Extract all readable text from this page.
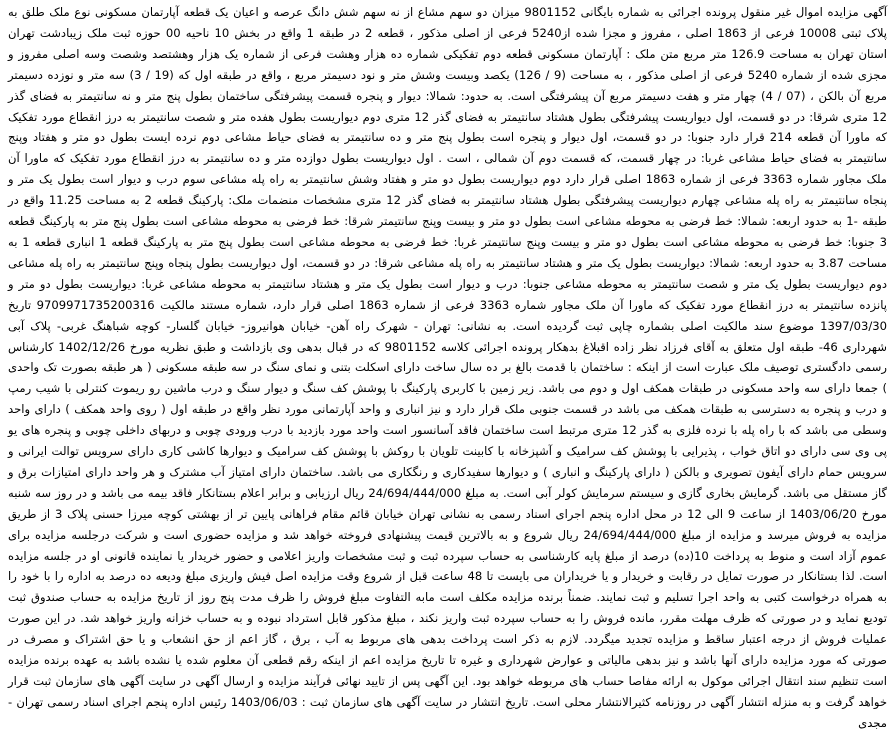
آگهی مزایده اموال غیر منقول پرونده اجرائی به شماره بایگانی 9801152 میزان دو سهم مشاع از نه سهم شش دانگ عرصه و اعیان یک قطعه آپارتمان مسکونی نوع ملک طلق به پلاک ثبتی 10008 فرعی از 1863 اصلی ، مفروز و مجزا شده از5240 فرعی از اصلی مذکور ، قطعه 2 در طبقه 1 واقع در بخش 10 ناحیه 00 حوزه ثبت ملک زیبادشت تهران استان تهران به مساحت 126.9 متر مربع متن ملک : آپارتمان مسکونی قطعه دوم تفکیکی شماره ده هزار وهشت فرعی از شماره یک هزار وهشتصد وشصت وسه اصلی مفروز و مجزی شده از شماره 5240 فرعی از اصلی مذکور ، به مساحت (9 / 126) یکصد وبیست وشش متر و نود دسیمتر مربع ، واقع در طبقه اول که (19 / 3) سه متر و نوزده دسیمتر مربع آن بالکن ، (07 / 4) چهار متر و هفت دسیمتر مربع آن پیشرفتگی است. به حدود: شمالا: دیوار و پنجره قسمت پیشرفتگی ساختمان بطول پنج متر و نه سانتیمتر به فضای گذر 12 متری شرقا: در دو قسمت، اول دیواریست پیشرفتگی بطول هشتاد سانتیمتر به فضای گذر 12 متری دوم دیواریست بطول هفده متر و شصت سانتیمتر به درز انقطاع مورد تفکیک که ماورا آن قطعه 214 قرار دارد جنوبا: در دو قسمت، اول دیوار و پنجره است بطول پنج متر و ده سانتیمتر به فضای حیاط مشاعی دوم نرده ایست بطول دو متر و هفتاد وپنج سانتیمتر به فضای حیاط مشاعی غربا: در چهار قسمت، که قسمت دوم آن شمالی ، است . اول دیواریست بطول دوازده متر و ده سانتیمتر به درز انقطاع مورد تفکیک که ماورا آن ملک مجاور شماره 3363 فرعی از شماره 1863 اصلی قرار دارد دوم دیواریست بطول دو متر و هفتاد وشش سانتیمتر به راه پله مشاعی سوم درب و دیوار است بطول یک متر و پنجاه سانتیمتر به راه پله مشاعی چهارم دیواریست پیشرفتگی بطول هشتاد سانتیمتر به فضای گذر 12 متری مشخصات منضمات ملک: پارکینگ قطعه 2 به مساحت 11.25 واقع در طبقه -1 به حدود اربعه: شمالا: خط فرضی به محوطه مشاعی است بطول دو متر و بیست وپنج سانتیمتر شرقا: خط فرضی به محوطه مشاعی است بطول پنج متر به پارکینگ قطعه 3 جنوبا: خط فرضی به محوطه مشاعی است بطول دو متر و بیست وپنج سانتیمتر غربا: خط فرضی به محوطه مشاعی است بطول پنج متر به پارکینگ قطعه 1 انباری قطعه 1 به مساحت 3.87 به حدود اربعه: شمالا: دیواریست بطول یک متر و هشتاد سانتیمتر به راه پله مشاعی شرقا: در دو قسمت، اول دیواریست بطول پنجاه وپنج سانتیمتر به راه پله مشاعی دوم دیواریست بطول یک متر و شصت سانتیمتر به محوطه مشاعی جنوبا: درب و دیوار است بطول یک متر و هشتاد سانتیمتر به محوطه مشاعی غربا: دیواریست بطول دو متر و پانزده سانتیمتر به درز انقطاع مورد تفکیک که ماورا آن ملک مجاور شماره 3363 فرعی از شماره 1863 اصلی قرار دارد، شماره مستند مالکیت 9709971735200316 تاریخ 1397/03/30 موضوع سند مالکیت اصلی بشماره چاپی ثبت گردیده است. به نشانی: تهران - شهرک راه آهن- خیابان هوانیروز- خیابان گلسار- کوچه شباهنگ غربی- پلاک آبی شهرداری 46- طبقه اول متعلق به آقای فرزاد نظر زاده اقبلاغ بدهکار پرونده اجرائی کلاسه 9801152 که در قبال بدهی وی بازداشت و طبق نظریه مورخ 1402/12/26 کارشناس رسمی دادگستری توصیف ملک عبارت است از اینکه : ساختمان با قدمت بالغ بر ده سال ساخت دارای اسکلت بتنی و نمای سنگ در سه طبقه مسکونی ( هر طبقه بصورت تک واحدی ) جمعا دارای سه واحد مسکونی در طبقات همکف اول و دوم می باشد. زیر زمین با کاربری پارکینگ با پوشش کف سنگ و دیوار سنگ و درب ماشین رو ریموت کنترلی با شیب رمپ و درب و پنجره به دسترسی به طبقات همکف می باشد در قسمت جنوبی ملک قرار دارد و نیز انباری و واحد آپارتمانی مورد نظر واقع در طبقه اول ( روی واحد همکف ) دارای واحد وسطی می باشد که با راه پله با نرده فلزی به گذر 12 متری مرتبط است ساختمان فاقد آسانسور است واحد مورد بازدید با درب ورودی چوبی و دربهای داخلی چوبی و پنجره های یو پی وی سی دارای دو اتاق خواب ، پذیرایی با پوشش کف سرامیک و آشپزخانه با کابینت تلویان با روکش با پوشش کف سرامیک و دیوارها کاشی کاری دارای سرویس توالت ایرانی و سرویس حمام دارای آیفون تصویری و بالکن ( دارای پارکینگ و انباری ) و دیوارها سفیدکاری و رنگکاری می باشد. ساختمان دارای امتیاز آب مشترک و هر واحد دارای امتیازات برق و گاز مستقل می باشد. گرمایش بخاری گازی و سیستم سرمایش کولر آبی است. به مبلغ 24/694/444/000 ریال ارزیابی و برابر اعلام بستانکار فاقد بیمه می باشد و در روز سه شنبه مورخ 1403/06/20 از ساعت 9 الی 12 در محل اداره پنجم اجرای اسناد رسمی به نشانی تهران خیابان قائم مقام فراهانی پایین تر از بهشتی کوچه میرزا حسنی پلاک 3 از طریق مزایده به فروش میرسد و مزایده از مبلغ 24/694/444/000 ریال شروع و به بالاترین قیمت پیشنهادی فروخته خواهد شد و مزایده حضوری است و شرکت درجلسه مزایده برای عموم آزاد است و منوط به پرداخت 10(ده) درصد از مبلغ پایه کارشناسی به حساب سپرده ثبت و ثبت مشخصات واریز اعلامی و حضور خریدار یا نماینده قانونی او در جلسه مزایده است. لذا بستانکار در صورت تمایل در رقابت و خریدار و یا خریداران می بایست تا 48 ساعت قبل از شروع وقت مزایده اصل فیش واریزی مبلغ ودیعه ده درصد به اداره را با خود را به همراه درخواست کتبی به واحد اجرا تسلیم و ثبت نمایند. ضمناً برنده مزایده مکلف است مابه التفاوت مبلغ فروش را ظرف مدت پنج روز از تاریخ مزایده به حساب صندوق ثبت تودیع نماید و در صورتی که ظرف مهلت مقرر، مانده فروش را به حساب سپرده ثبت واریز نکند ، مبلغ مذکور قابل استرداد نبوده و به حساب خزانه واریز خواهد شد. در این صورت عملیات فروش از درجه اعتبار ساقط و مزایده تجدید میگردد. لازم به ذکر است پرداخت بدهی های مربوط به آب ، برق ، گاز اعم از حق انشعاب و یا حق اشتراک و مصرف در صورتی که مورد مزایده دارای آنها باشد و نیز بدهی مالیاتی و عوارض شهرداری و غیره تا تاریخ مزایده اعم از اینکه رقم قطعی آن معلوم شده یا نشده باشد به عهده برنده مزایده است تنظیم سند انتقال اجرائی موکول به ارائه مفاصا حساب های مربوطه خواهد بود. این آگهی پس از تایید نهائی فرآیند مزایده و ارسال آگهی در سایت آگهی های سازمان ثبت قرار خواهد گرفت و به منزله انتشار آگهی در روزنامه کثیرالانتشار محلی است. تاریخ انتشار در سایت آگهی های سازمان ثبت : 1403/06/03 رئیس اداره پنجم اجرای اسناد رسمی تهران - مجدی
